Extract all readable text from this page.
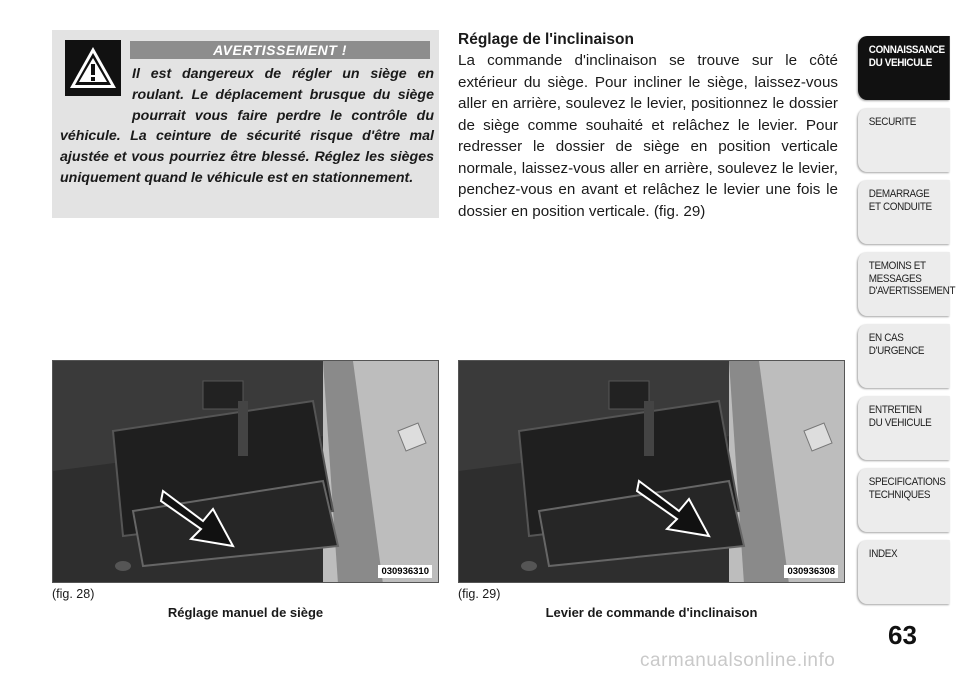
AVERTISSEMENT !
Il est dangereux de régler un siège en roulant. Le déplacement brusque du siège pourrait vous faire perdre le contrôle du véhicule. La ceinture de sécurité risque d'être mal ajustée et vous pourriez être blessé. Réglez les sièges uniquement quand le véhicule est en stationnement.
Réglage de l'inclinaison
La commande d'inclinaison se trouve sur le côté extérieur du siège. Pour incliner le siège, laissez-vous aller en arrière, soulevez le levier, positionnez le dossier de siège comme souhaité et relâchez le levier. Pour redresser le dossier de siège en position verticale normale, laissez-vous aller en arrière, soulevez le levier, penchez-vous en avant et relâchez le levier une fois le dossier en position verticale. (fig. 29)
030936310
(fig. 28)
Réglage manuel de siège
030936308
(fig. 29)
Levier de commande d'inclinaison
CONNAISSANCE
DU VEHICULE
SECURITE
DEMARRAGE
ET CONDUITE
TEMOINS ET
MESSAGES
D'AVERTISSEMENT
EN CAS
D'URGENCE
ENTRETIEN
DU VEHICULE
SPECIFICATIONS
TECHNIQUES
INDEX
63
carmanualsonline.info
